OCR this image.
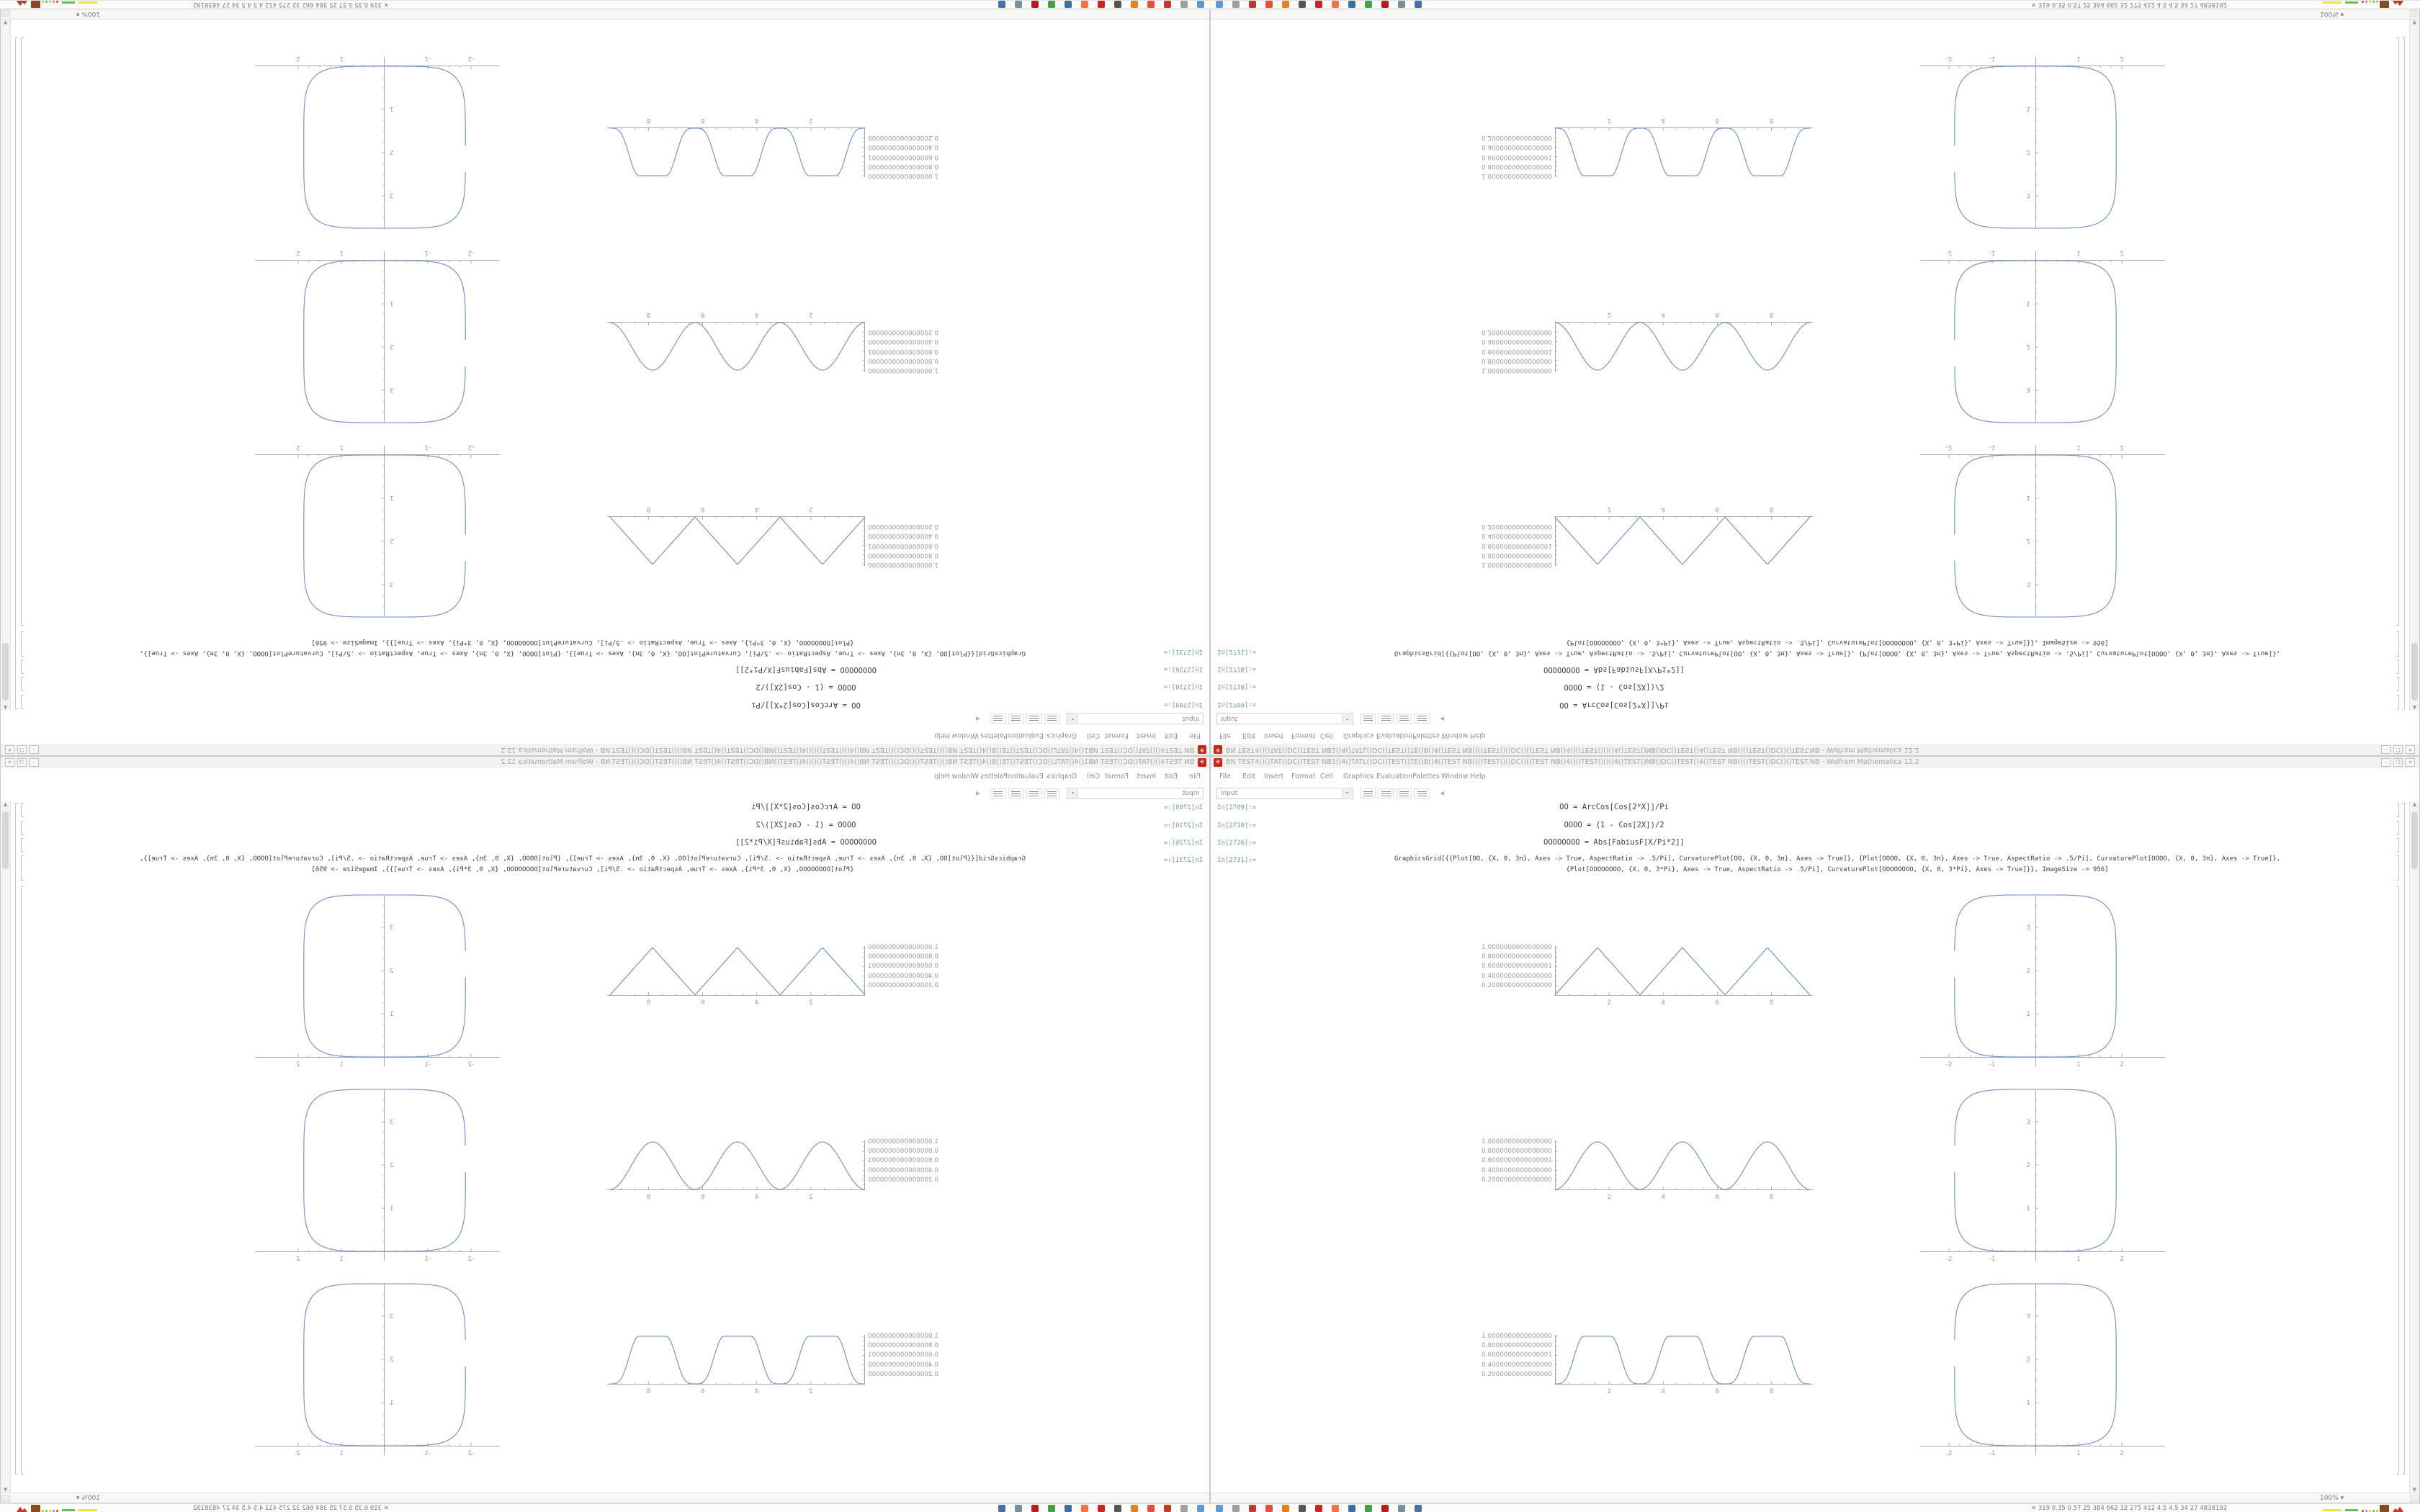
✳
BN TEST4()()TAT()DC()TEST NB1()4()TATL()DC()TEST()TE()B()4()TEST NB()()TEST()()DC()()TEST NB()4()()TEST()()()4()TEST()NB()DC()TEST()4()TEST NB()()TEST()DC()()TEST.NB - Wolfram Mathematica 12.2
–
❐
✕
File
Edit
Insert
Format
Cell
Graphics
Evaluation
Palettes
Window
Help
Input
▾
◀
In[2709]:=
In[2710]:=
In[2726]:=
In[2731]:=
OO = ArcCos[Cos[2*X]]/Pi
OOOO = (1 - Cos[2X])/2
OOOOOOOO = Abs[FabiusF[X/Pi*2]]
GraphicsGrid[{{Plot[OO, {X, 0, 3π}, Axes -> True, AspectRatio -> .5/Pi], CurvaturePlot[OO, {X, 0, 3π}, Axes -> True]}, {Plot[OOOO, {X, 0, 3π}, Axes -> True, AspectRatio -> .5/Pi], CurvaturePlot[OOOO, {X, 0, 3π}, Axes -> True]},
{Plot[OOOOOOOO, {X, 0, 3*Pi}, Axes -> True, AspectRatio -> .5/Pi], CurvaturePlot[OOOOOOOO, {X, 0, 3*Pi}, Axes -> True]}}, ImageSize -> 956]
1.0000000000000000
0.8000000000000000
0.6000000000000001
0.4000000000000000
0.2000000000000000
2
4
6
8
-2
-1
1
2
1
2
3
1.0000000000000000
0.8000000000000000
0.6000000000000001
0.4000000000000000
0.2000000000000000
2
4
6
8
-2
-1
1
2
1
2
3
1.0000000000000000
0.8000000000000000
0.6000000000000001
0.4000000000000000
0.2000000000000000
2
4
6
8
-2
-1
1
2
1
2
3
100% ▾
▲
▼
✳ BN TEST4()()TAT()DC()TEST NB1()4()TATL()DC()TEST()TE()B()4()TEST NB()()TEST()()DC()()TEST NB()4()()TEST()()()4()TEST()NB()DC()TEST()4()TEST NB()()TEST()DC()()TEST.NB - Wolfram Mathematica 12.2	–	❐	✕
File Edit Insert Format Cell Graphics Evaluation Palettes Window Help
Input	▾	◀
In[2709]:=
In[2710]:=
In[2726]:=
In[2731]:=
OO = ArcCos[Cos[2*X]]/Pi
OOOO = (1 - Cos[2X])/2
OOOOOOOO = Abs[FabiusF[X/Pi*2]]
GraphicsGrid[{{Plot[OO, {X, 0, 3π}, Axes -> True, AspectRatio -> .5/Pi], CurvaturePlot[OO, {X, 0, 3π}, Axes -> True]}, {Plot[OOOO, {X, 0, 3π}, Axes -> True, AspectRatio -> .5/Pi], CurvaturePlot[OOOO, {X, 0, 3π}, Axes -> True]},
{Plot[OOOOOOOO, {X, 0, 3*Pi}, Axes -> True, AspectRatio -> .5/Pi], CurvaturePlot[OOOOOOOO, {X, 0, 3*Pi}, Axes -> True]}}, ImageSize -> 956]
1.0000000000000000
0.8000000000000000
0.6000000000000001
0.4000000000000000
0.2000000000000000
2	4	6	8
-2	-1	1	2
1
2
3
1.0000000000000000
0.8000000000000000
0.6000000000000001
0.4000000000000000
0.2000000000000000
2	4	6	8
-2	-1	1	2
1
2
3
1.0000000000000000
0.8000000000000000
0.6000000000000001
0.4000000000000000
0.2000000000000000
2	4	6	8
-2	-1	1	2
1
2
3
100% ▾
▲
▼
✳
BN TEST4()()TAT()DC()TEST NB1()4()TATL()DC()TEST()TE()B()4()TEST NB()()TEST()()DC()()TEST NB()4()()TEST()()()4()TEST()NB()DC()TEST()4()TEST NB()()TEST()DC()()TEST.NB - Wolfram Mathematica 12.2
–
❐
✕
File
Edit
Insert
Format
Cell
Graphics
Evaluation
Palettes
Window
Help
Input
▾
◀
In[2709]:=
In[2710]:=
In[2726]:=
In[2731]:=
OO = ArcCos[Cos[2*X]]/Pi
OOOO = (1 - Cos[2X])/2
OOOOOOOO = Abs[FabiusF[X/Pi*2]]
GraphicsGrid[{{Plot[OO, {X, 0, 3π}, Axes -> True, AspectRatio -> .5/Pi], CurvaturePlot[OO, {X, 0, 3π}, Axes -> True]}, {Plot[OOOO, {X, 0, 3π}, Axes -> True, AspectRatio -> .5/Pi], CurvaturePlot[OOOO, {X, 0, 3π}, Axes -> True]},
{Plot[OOOOOOOO, {X, 0, 3*Pi}, Axes -> True, AspectRatio -> .5/Pi], CurvaturePlot[OOOOOOOO, {X, 0, 3*Pi}, Axes -> True]}}, ImageSize -> 956]
1.0000000000000000
0.8000000000000000
0.6000000000000001
0.4000000000000000
0.2000000000000000
2
4
6
8
-2
-1
1
2
1
2
3
1.0000000000000000
0.8000000000000000
0.6000000000000001
0.4000000000000000
0.2000000000000000
2
4
6
8
-2
-1
1
2
1
2
3
1.0000000000000000
0.8000000000000000
0.6000000000000001
0.4000000000000000
0.2000000000000000
2
4
6
8
-2
-1
1
2
1
2
3
100% ▾
▲
▼
✳ BN TEST4()()TAT()DC()TEST NB1()4()TATL()DC()TEST()TE()B()4()TEST NB()()TEST()()DC()()TEST NB()4()()TEST()()()4()TEST()NB()DC()TEST()4()TEST NB()()TEST()DC()()TEST.NB - Wolfram Mathematica 12.2	–	❐	✕
File Edit Insert Format Cell Graphics Evaluation Palettes Window Help
Input	▾	◀
In[2709]:=
In[2710]:=
In[2726]:=
In[2731]:=
OO = ArcCos[Cos[2*X]]/Pi
OOOO = (1 - Cos[2X])/2
OOOOOOOO = Abs[FabiusF[X/Pi*2]]
GraphicsGrid[{{Plot[OO, {X, 0, 3π}, Axes -> True, AspectRatio -> .5/Pi], CurvaturePlot[OO, {X, 0, 3π}, Axes -> True]}, {Plot[OOOO, {X, 0, 3π}, Axes -> True, AspectRatio -> .5/Pi], CurvaturePlot[OOOO, {X, 0, 3π}, Axes -> True]},
{Plot[OOOOOOOO, {X, 0, 3*Pi}, Axes -> True, AspectRatio -> .5/Pi], CurvaturePlot[OOOOOOOO, {X, 0, 3*Pi}, Axes -> True]}}, ImageSize -> 956]
1.0000000000000000
0.8000000000000000
0.6000000000000001
0.4000000000000000
0.2000000000000000
2	4	6	8
-2	-1	1	2
1
2
3
1.0000000000000000
0.8000000000000000
0.6000000000000001
0.4000000000000000
0.2000000000000000
2	4	6	8
-2	-1	1	2
1
2
3
1.0000000000000000
0.8000000000000000
0.6000000000000001
0.4000000000000000
0.2000000000000000
2	4	6	8
-2	-1	1	2
1
2
3
100% ▾
▲
▼
✕ 319 0.35 0.57 25 384 662 32 275 412 4.5 4.5 34 27 4838192	✕ 319 0.35 0.57 25 384 662 32 275 412 4.5 4.5 34 27 4838192
✕ 319 0.35 0.57 25 384 662 32 275 412 4.5 4.5 34 27 4838192	✕ 319 0.35 0.57 25 384 662 32 275 412 4.5 4.5 34 27 4838192
